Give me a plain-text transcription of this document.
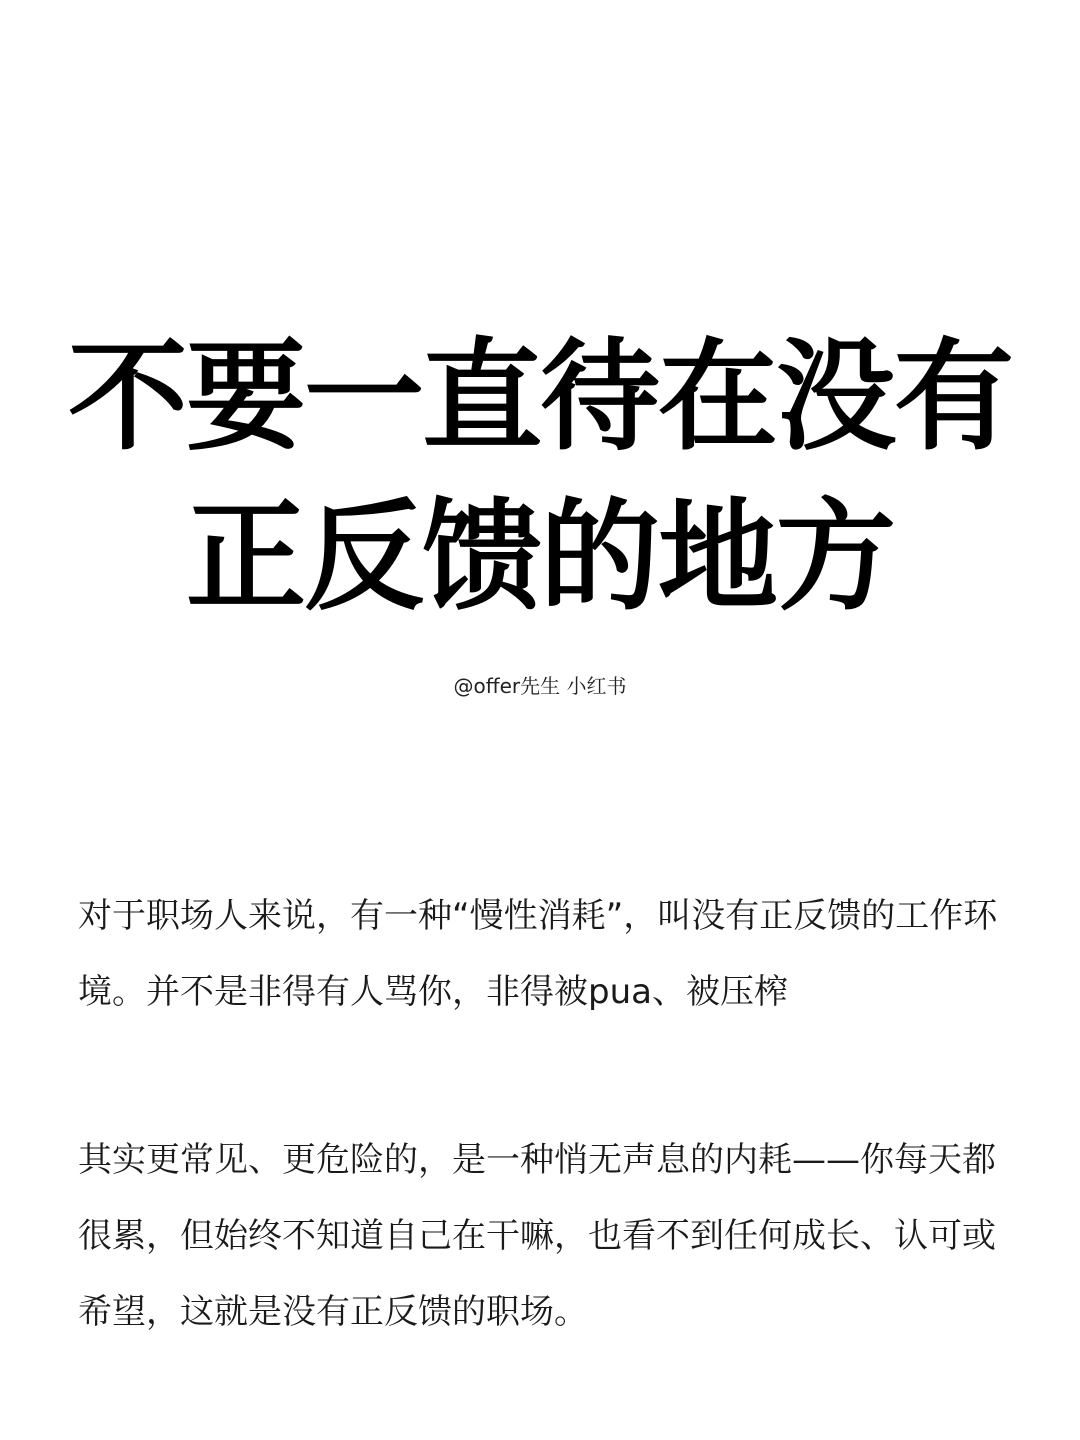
不要一直待在没有
正反馈的地方
@offer先生 小红书

对于职场人来说，有一种“慢性消耗”，叫没有正反馈的工作环境。并不是非得有人骂你，非得被pua、被压榨

其实更常见、更危险的，是一种悄无声息的内耗——你每天都很累，但始终不知道自己在干嘛，也看不到任何成长、认可或希望，这就是没有正反馈的职场。
